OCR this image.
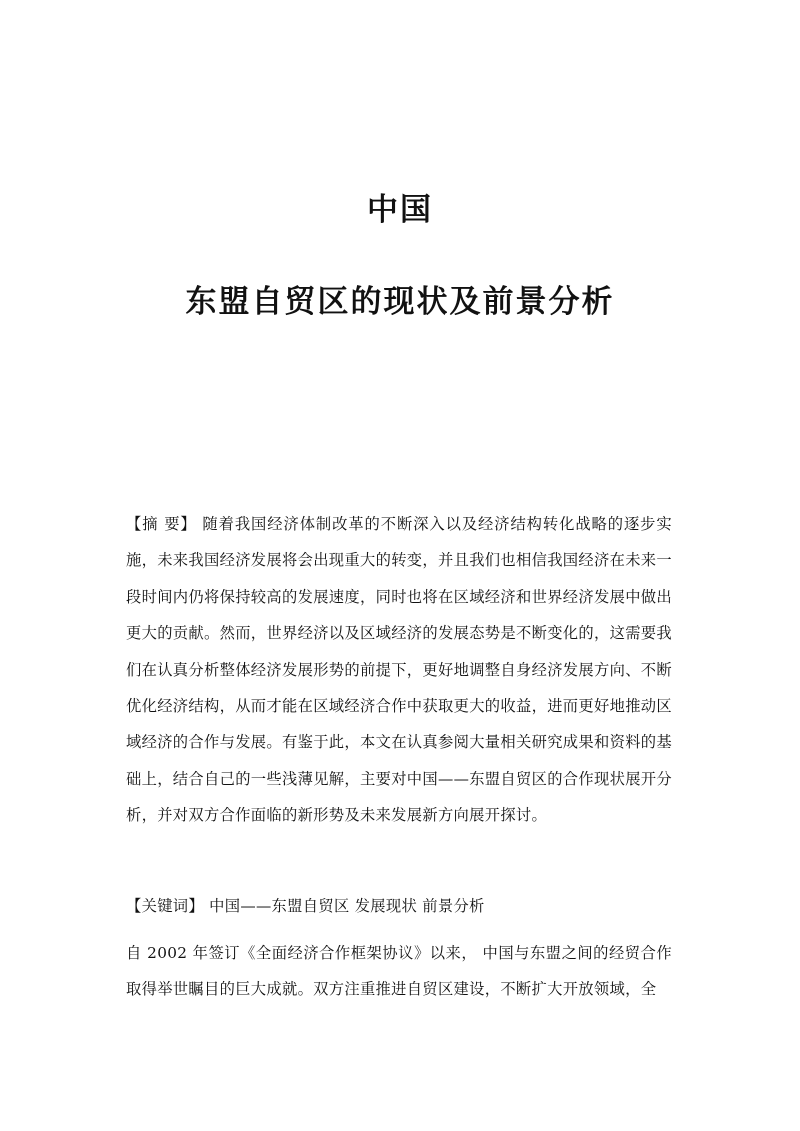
中国
东盟自贸区的现状及前景分析

【摘 要】 随着我国经济体制改革的不断深入以及经济结构转化战略的逐步实施，未来我国经济发展将会出现重大的转变，并且我们也相信我国经济在未来一段时间内仍将保持较高的发展速度，同时也将在区域经济和世界经济发展中做出更大的贡献。然而，世界经济以及区域经济的发展态势是不断变化的，这需要我们在认真分析整体经济发展形势的前提下，更好地调整自身经济发展方向、不断优化经济结构，从而才能在区域经济合作中获取更大的收益，进而更好地推动区域经济的合作与发展。有鉴于此，本文在认真参阅大量相关研究成果和资料的基础上，结合自己的一些浅薄见解，主要对中国——东盟自贸区的合作现状展开分析，并对双方合作面临的新形势及未来发展新方向展开探讨。

【关键词】 中国——东盟自贸区 发展现状 前景分析

自 2002 年签订《全面经济合作框架协议》以来， 中国与东盟之间的经贸合作取得举世瞩目的巨大成就。双方注重推进自贸区建设，不断扩大开放领域，全
